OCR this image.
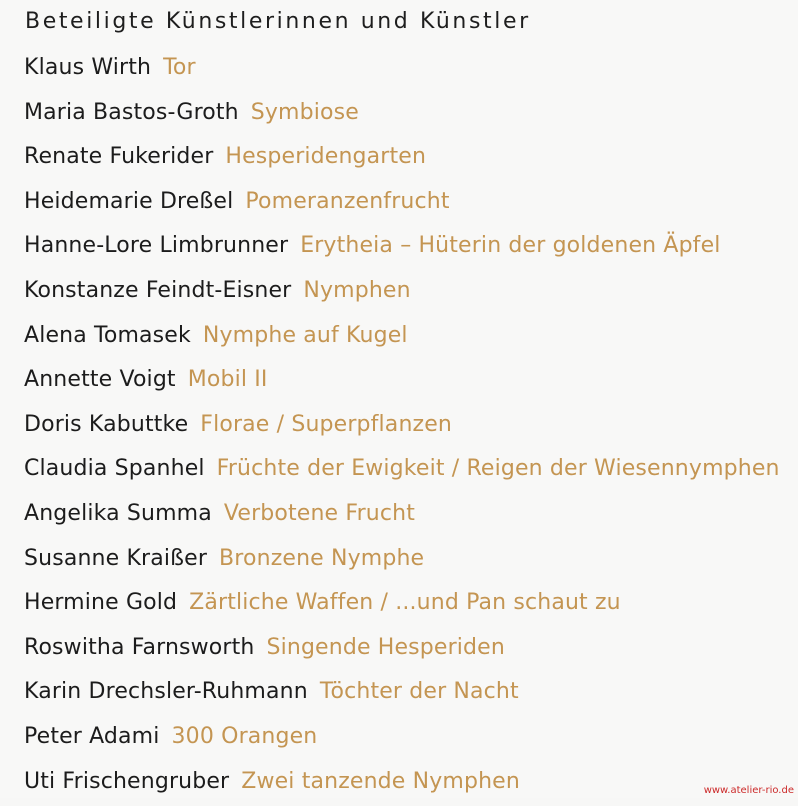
Beteiligte Künstlerinnen und Künstler
Klaus Wirth Tor
Maria Bastos-Groth Symbiose
Renate Fukerider Hesperidengarten
Heidemarie Dreßel Pomeranzenfrucht
Hanne-Lore Limbrunner Erytheia – Hüterin der goldenen Äpfel
Konstanze Feindt-Eisner Nymphen
Alena Tomasek Nymphe auf Kugel
Annette Voigt Mobil II
Doris Kabuttke Florae / Superpflanzen
Claudia Spanhel Früchte der Ewigkeit / Reigen der Wiesennymphen
Angelika Summa Verbotene Frucht
Susanne Kraißer Bronzene Nymphe
Hermine Gold Zärtliche Waffen / ...und Pan schaut zu
Roswitha Farnsworth Singende Hesperiden
Karin Drechsler-Ruhmann Töchter der Nacht
Peter Adami 300 Orangen
Uti Frischengruber Zwei tanzende Nymphen	www.atelier-rio.de
